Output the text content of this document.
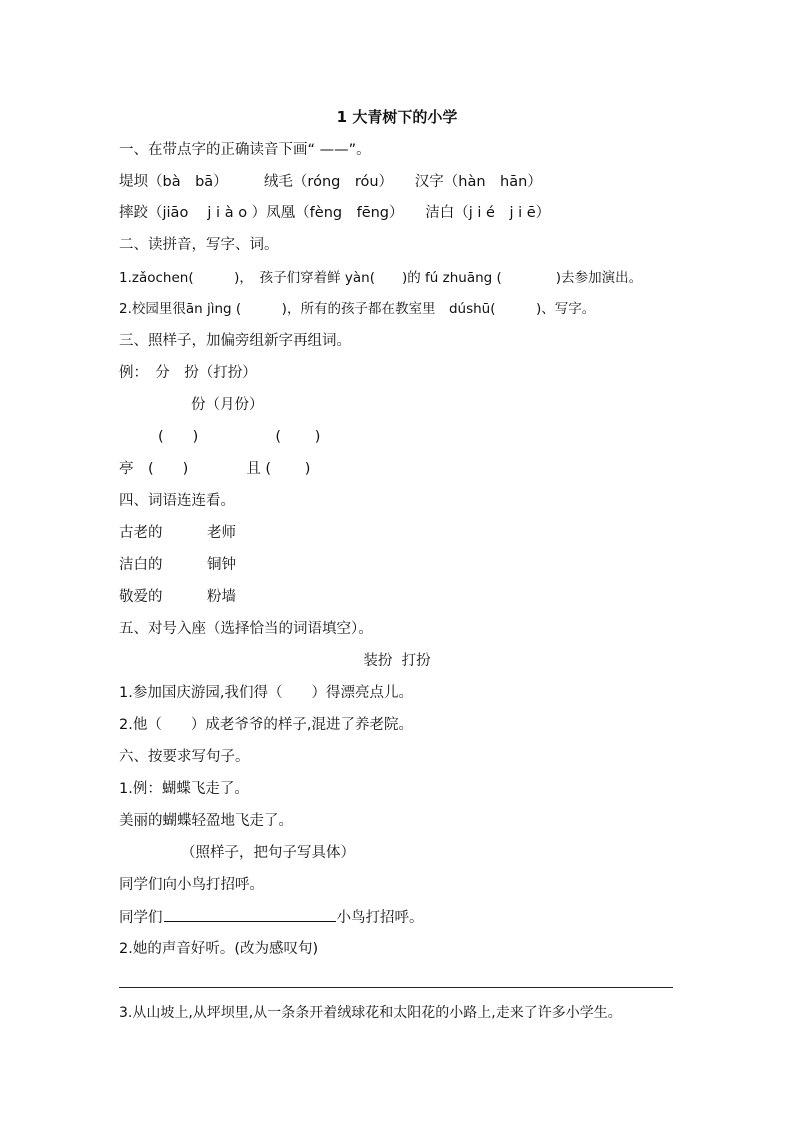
1 大青树下的小学
一、在带点字的正确读音下画“ ——”。
堤坝（bà　bā）　　　绒毛（róng　róu）　　汉字（hàn　hān）
摔跤（jiāo　 j i à o ）凤凰（fèng　fēng）　　洁白（j i é　j i ē）
二、读拼音，写字、词。
1.zǎochen(　　　)，　孩子们穿着鲜 yàn(　　)的 fú zhuāng (　　　　)去参加演出。
2.校园里很ān jìng (　　　)，所有的孩子都在教室里　dúshū(　　　)、写字。
三、照样子，加偏旁组新字再组词。
例：　分　扮（打扮）
份（月份）
(　　)　　　　　 (　　 )
亭　(　　)　　　　且 (　　 )
四、词语连连看。
古老的	老师
洁白的	铜钟
敬爱的	粉墙
五、对号入座（选择恰当的词语填空）。
装扮  打扮
1.参加国庆游园,我们得（　　）得漂亮点儿。
2.他（　　）成老爷爷的样子,混进了养老院。
六、按要求写句子。
1.例：蝴蝶飞走了。
美丽的蝴蝶轻盈地飞走了。
（照样子，把句子写具体）
同学们向小鸟打招呼。
同学们	小鸟打招呼。
2.她的声音好听。(改为感叹句)
3.从山坡上,从坪坝里,从一条条开着绒球花和太阳花的小路上,走来了许多小学生。
